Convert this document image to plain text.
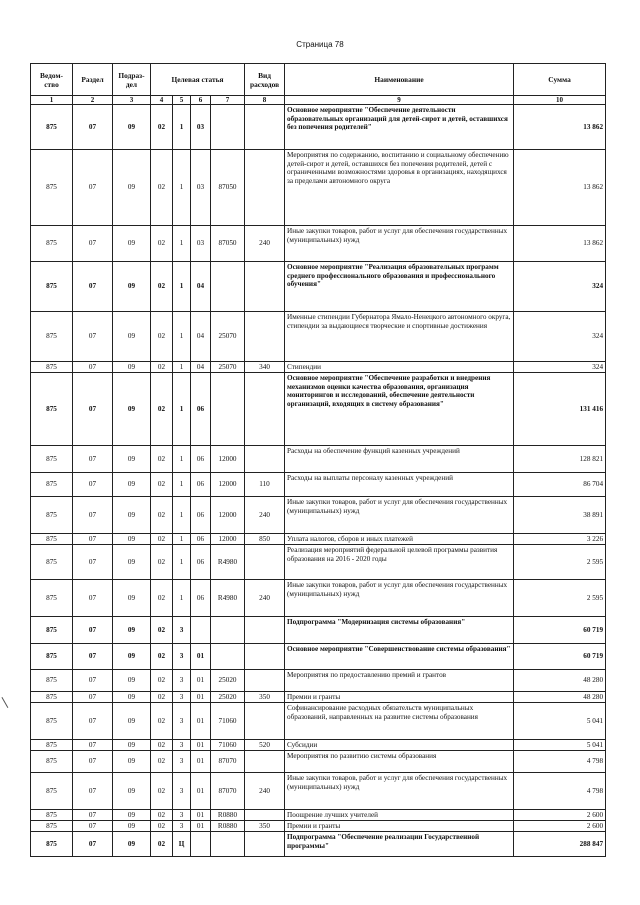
Страница 78
Ведом-ство	Раздел	Подраз-дел	Целевая статья				Вид расходов	Наименование	Сумма
1	2	3	4	5	6	7	8	9	10
875	07	09	02	1	03			Основное мероприятие "Обеспечение деятельности образовательных организаций для детей-сирот и детей, оставшихся без попечения родителей"	13 862
875	07	09	02	1	03	87050		Мероприятия по содержанию, воспитанию и социальному обеспечению детей-сирот и детей, оставшихся без попечения родителей, детей с ограниченными возможностями здоровья в организациях, находящихся за пределами автономного округа	13 862
875	07	09	02	1	03	87050	240	Иные закупки товаров, работ и услуг для обеспечения государственных (муниципальных) нужд	13 862
875	07	09	02	1	04			Основное мероприятие "Реализация образовательных программ среднего профессионального образования и профессионального обучения"	324
875	07	09	02	1	04	25070		Именные стипендии Губернатора Ямало-Ненецкого автономного округа, стипендии за выдающиеся творческие и спортивные достижения	324
875	07	09	02	1	04	25070	340	Стипендии	324
875	07	09	02	1	06			Основное мероприятие "Обеспечение разработки и внедрения механизмов оценки качества образования, организация мониторингов и исследований, обеспечение деятельности организаций, входящих в систему образования"	131 416
875	07	09	02	1	06	12000		Расходы на обеспечение функций казенных учреждений	128 821
875	07	09	02	1	06	12000	110	Расходы на выплаты персоналу казенных учреждений	86 704
875	07	09	02	1	06	12000	240	Иные закупки товаров, работ и услуг для обеспечения государственных (муниципальных) нужд	38 891
875	07	09	02	1	06	12000	850	Уплата налогов, сборов и иных платежей	3 226
875	07	09	02	1	06	R4980		Реализация мероприятий федеральной целевой программы развития образования на 2016 - 2020 годы	2 595
875	07	09	02	1	06	R4980	240	Иные закупки товаров, работ и услуг для обеспечения государственных (муниципальных) нужд	2 595
875	07	09	02	3				Подпрограмма "Модернизация системы образования"	60 719
875	07	09	02	3	01			Основное мероприятие "Совершенствование системы образования"	60 719
875	07	09	02	3	01	25020		Мероприятия по предоставлению премий и грантов	48 280
875	07	09	02	3	01	25020	350	Премии и гранты	48 280
875	07	09	02	3	01	71060		Софинансирование расходных обязательств муниципальных образований, направленных на развитие системы образования	5 041
875	07	09	02	3	01	71060	520	Субсидии	5 041
875	07	09	02	3	01	87070		Мероприятия по развитию системы образования	4 798
875	07	09	02	3	01	87070	240	Иные закупки товаров, работ и услуг для обеспечения государственных (муниципальных) нужд	4 798
875	07	09	02	3	01	R0880		Поощрение лучших учителей	2 600
875	07	09	02	3	01	R0880	350	Премии и гранты	2 600
875	07	09	02	Ц				Подпрограмма "Обеспечение реализации Государственной программы"	288 847
